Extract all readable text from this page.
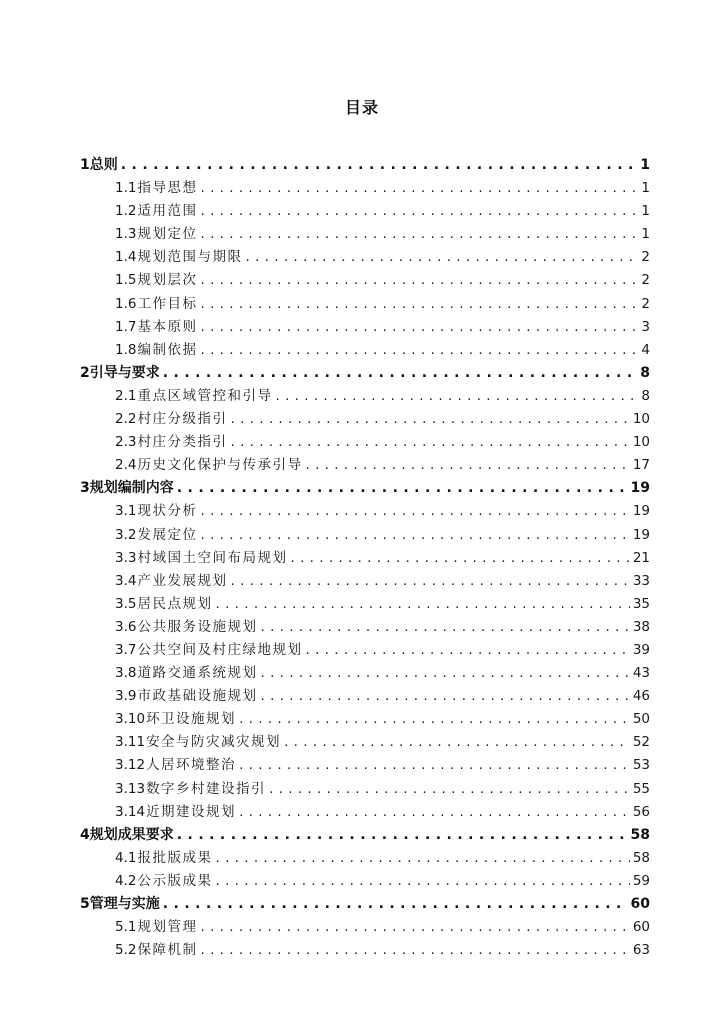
目录
1 总则 . . .	1
1.1 指导思想 . . .	1
1.2 适用范围 . . .	1
1.3 规划定位 . . .	1
1.4 规划范围与期限 . . .	2
1.5 规划层次 . . .	2
1.6 工作目标 . . .	2
1.7 基本原则 . . .	3
1.8 编制依据 . . .	4
2 引导与要求 . . .	8
2.1 重点区域管控和引导 . . .	8
2.2 村庄分级指引 . . .	10
2.3 村庄分类指引 . . .	10
2.4 历史文化保护与传承引导 . . .	17
3 规划编制内容 . . .	19
3.1 现状分析 . . .	19
3.2 发展定位 . . .	19
3.3 村域国土空间布局规划 . . .	21
3.4 产业发展规划 . . .	33
3.5 居民点规划 . . .	35
3.6 公共服务设施规划 . . .	38
3.7 公共空间及村庄绿地规划 . . .	39
3.8 道路交通系统规划 . . .	43
3.9 市政基础设施规划 . . .	46
3.10 环卫设施规划 . . .	50
3.11 安全与防灾减灾规划 . . .	52
3.12 人居环境整治 . . .	53
3.13 数字乡村建设指引 . . .	55
3.14 近期建设规划 . . .	56
4 规划成果要求 . . .	58
4.1 报批版成果 . . .	58
4.2 公示版成果 . . .	59
5 管理与实施 . . .	60
5.1 规划管理 . . .	60
5.2 保障机制 . . .	63
